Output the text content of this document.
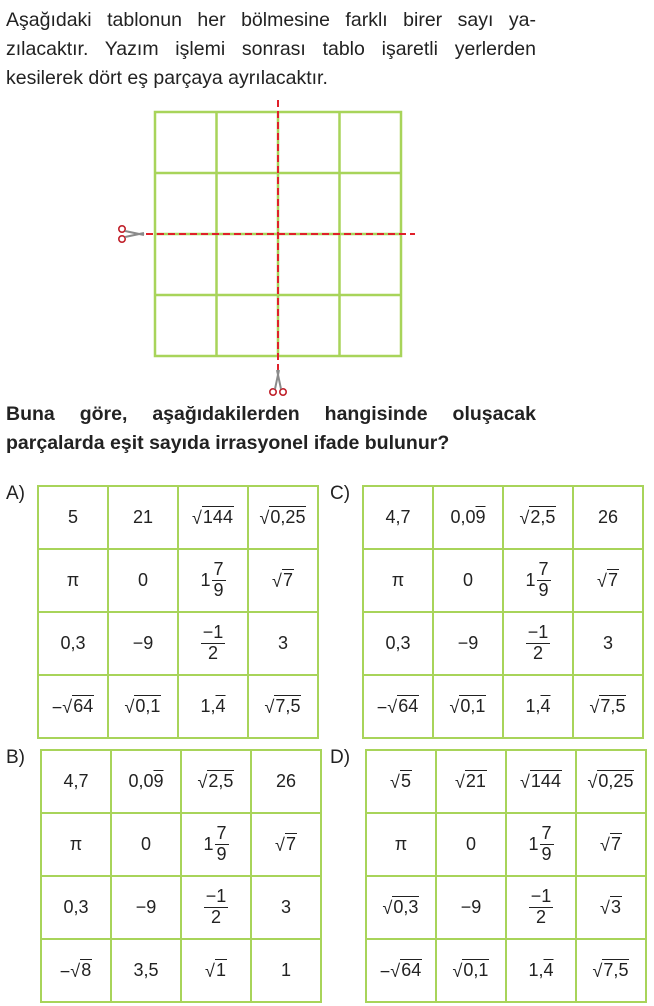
Aşağıdaki tablonun her bölmesine farklı birer sayı ya-
zılacaktır. Yazım işlemi sonrası tablo işaretli yerlerden
kesilerek dört eş parçaya ayrılacaktır.

Buna göre, aşağıdakilerden hangisinde oluşacak
parçalarda eşit sayıda irrasyonel ifade bulunur?
A)
5	21	√ 144	√ 0,25

π	0	$1 \frac{7}{9}$	√ 7

0,3	−9	$\frac{-1}{2}$	3
− √ 64	√ 0,1	1,4	√ 7,5
B)
4,7	0,09	√ 2,5	26
π	0	$1 \frac{7}{9}$	√ 7

0,3	−9	$\frac{-1}{2}$	3
− √ 8	3,5	√ 1	1
C)
4,7	0,09	√ 2,5	26
π	0	$1 \frac{7}{9}$	√ 7

0,3	−9	$\frac{-1}{2}$	3
− √ 64	√ 0,1	1,4	√ 7,5
D)
√ 5	√ 21	√ 144	√ 0,25

π	0	$1 \frac{7}{9}$	√ 7

√ 0,3	−9	$\frac{-1}{2}$	√ 3

− √ 64	√ 0,1	1,4	√ 7,5
